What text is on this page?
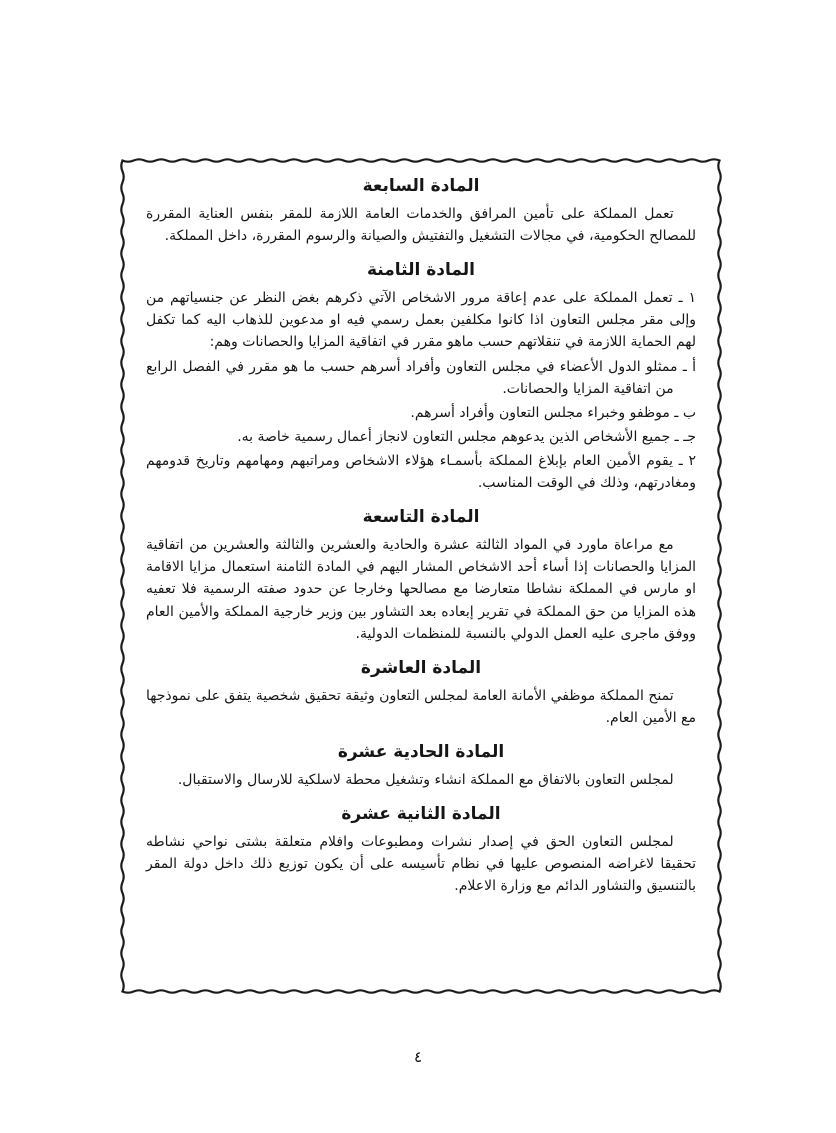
المادة السابعة

تعمل المملكة على تأمين المرافق والخدمات العامة اللازمة للمقر بنفس العناية المقررة للمصالح الحكومية، في مجالات التشغيل والتفتيش والصيانة والرسوم المقررة، داخل المملكة.

المادة الثامنة

١ ـ تعمل المملكة على عدم إعاقة مرور الاشخاص الآتي ذكرهم بغض النظر عن جنسياتهم من وإلى مقر مجلس التعاون اذا كانوا مكلفين بعمل رسمي فيه او مدعوين للذهاب اليه كما تكفل لهم الحماية اللازمة في تنقلاتهم حسب ماهو مقرر في اتفاقية المزايا والحصانات وهم:

أ ـ ممثلو الدول الأعضاء في مجلس التعاون وأفراد أسرهم حسب ما هو مقرر في الفصل الرابع من اتفاقية المزايا والحصانات.

ب ـ موظفو وخبراء مجلس التعاون وأفراد أسرهم.

جـ ـ جميع الأشخاص الذين يدعوهم مجلس التعاون لانجاز أعمال رسمية خاصة به.

٢ ـ يقوم الأمين العام بإبلاغ المملكة بأسمـاء هؤلاء الاشخاص ومراتبهم ومهامهم وتاريخ قدومهم ومغادرتهم، وذلك في الوقت المناسب.

المادة التاسعة

مع مراعاة ماورد في المواد الثالثة عشرة والحادية والعشرين والثالثة والعشرين من اتفاقية المزايا والحصانات إذا أساء أحد الاشخاص المشار اليهم في المادة الثامنة استعمال مزايا الاقامة او مارس في المملكة نشاطا متعارضا مع مصالحها وخارجا عن حدود صفته الرسمية فلا تعفيه هذه المزايا من حق المملكة في تقرير إبعاده بعد التشاور بين وزير خارجية المملكة والأمين العام ووفق ماجرى عليه العمل الدولي بالنسبة للمنظمات الدولية.

المادة العاشرة

تمنح المملكة موظفي الأمانة العامة لمجلس التعاون وثيقة تحقيق شخصية يتفق على نموذجها مع الأمين العام.

المادة الحادية عشرة

لمجلس التعاون بالاتفاق مع المملكة انشاء وتشغيل محطة لاسلكية للارسال والاستقبال.

المادة الثانية عشرة

لمجلس التعاون الحق في إصدار نشرات ومطبوعات وافلام متعلقة بشتى نواحي نشاطه تحقيقا لاغراضه المنصوص عليها في نظام تأسيسه على أن يكون توزيع ذلك داخل دولة المقر بالتنسيق والتشاور الدائم مع وزارة الاعلام.

٤
